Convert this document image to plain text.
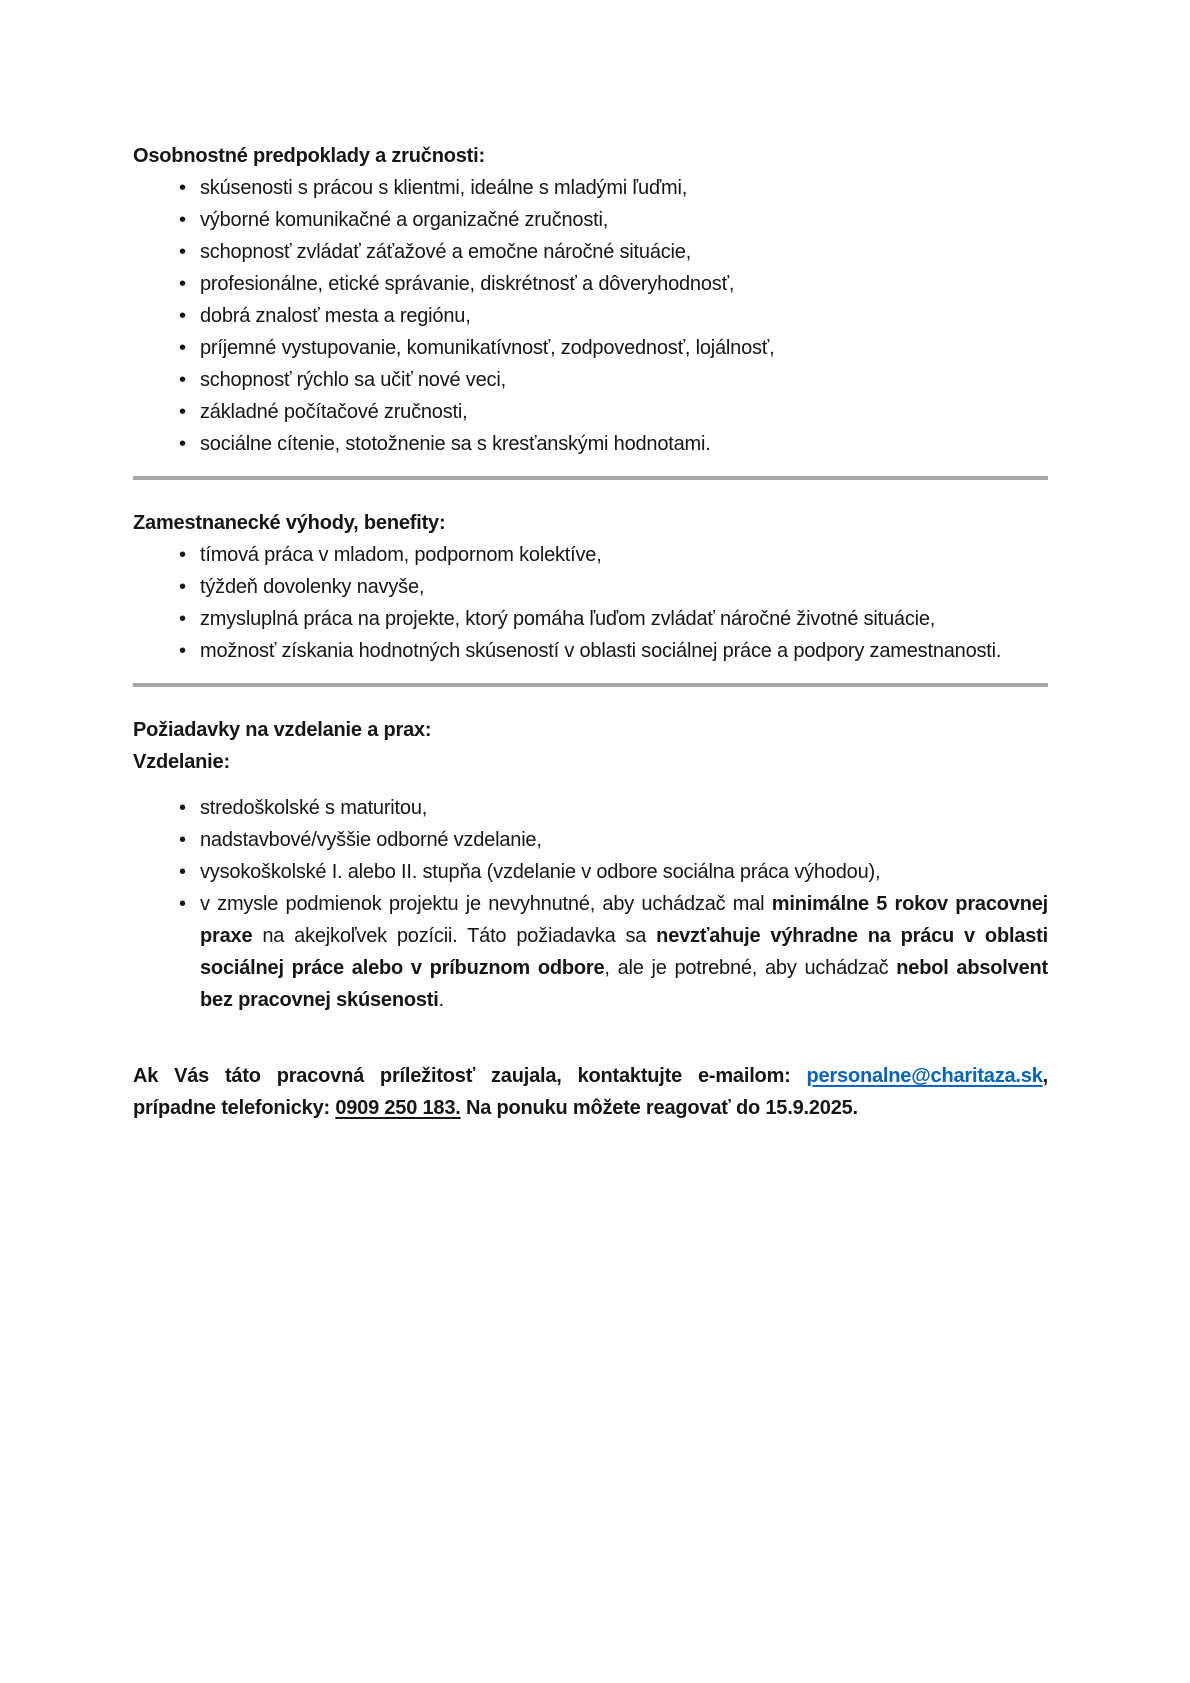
Osobnostné predpoklady a zručnosti:
• skúsenosti s prácou s klientmi, ideálne s mladými ľuďmi,
• výborné komunikačné a organizačné zručnosti,
• schopnosť zvládať záťažové a emočne náročné situácie,
• profesionálne, etické správanie, diskrétnosť a dôveryhodnosť,
• dobrá znalosť mesta a regiónu,
• príjemné vystupovanie, komunikatívnosť, zodpovednosť, lojálnosť,
• schopnosť rýchlo sa učiť nové veci,
• základné počítačové zručnosti,
• sociálne cítenie, stotožnenie sa s kresťanskými hodnotami.
Zamestnanecké výhody, benefity:
• tímová práca v mladom, podpornom kolektíve,
• týždeň dovolenky navyše,
• zmysluplná práca na projekte, ktorý pomáha ľuďom zvládať náročné životné situácie,
• možnosť získania hodnotných skúseností v oblasti sociálnej práce a podpory zamestnanosti.
Požiadavky na vzdelanie a prax:
Vzdelanie:
• stredoškolské s maturitou,
• nadstavbové/vyššie odborné vzdelanie,
• vysokoškolské I. alebo II. stupňa (vzdelanie v odbore sociálna práca výhodou),
• v zmysle podmienok projektu je nevyhnutné, aby uchádzač mal minimálne 5 rokov pracovnej praxe na akejkoľvek pozícii. Táto požiadavka sa nevzťahuje výhradne na prácu v oblasti sociálnej práce alebo v príbuznom odbore, ale je potrebné, aby uchádzač nebol absolvent bez pracovnej skúsenosti.

Ak Vás táto pracovná príležitosť zaujala, kontaktujte e-mailom: personalne@charitaza.sk, prípadne telefonicky: 0909 250 183. Na ponuku môžete reagovať do 15.9.2025.
